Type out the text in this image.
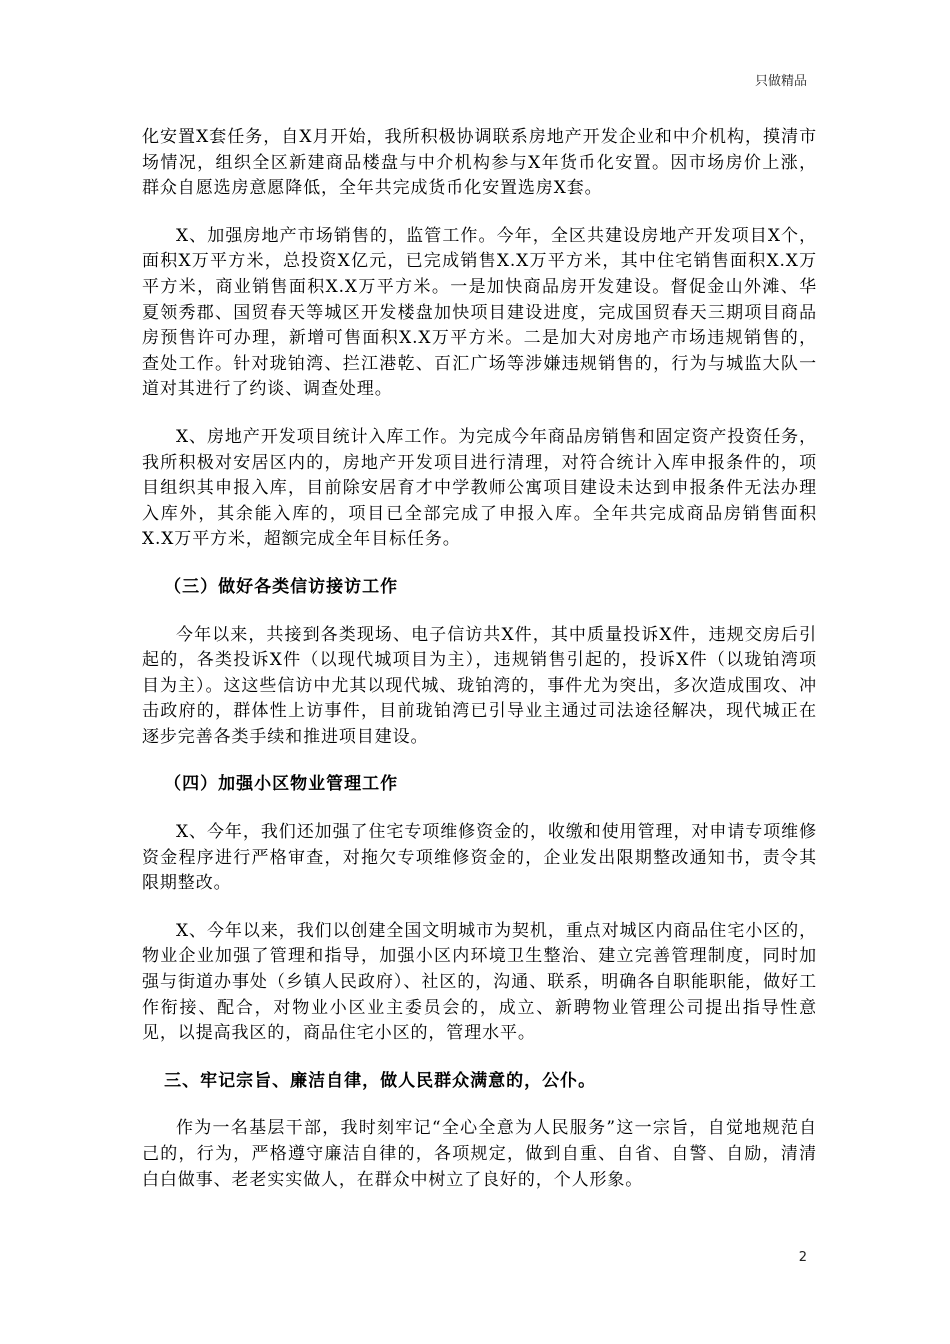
只做精品

化安置X套任务，自X月开始，我所积极协调联系房地产开发企业和中介机构，摸清市场情况，组织全区新建商品楼盘与中介机构参与X年货币化安置。因市场房价上涨，群众自愿选房意愿降低，全年共完成货币化安置选房X套。

X、加强房地产市场销售的，监管工作。今年，全区共建设房地产开发项目X个，面积X万平方米，总投资X亿元，已完成销售X.X万平方米，其中住宅销售面积X.X万平方米，商业销售面积X.X万平方米。一是加快商品房开发建设。督促金山外滩、华夏领秀郡、国贸春天等城区开发楼盘加快项目建设进度，完成国贸春天三期项目商品房预售许可办理，新增可售面积X.X万平方米。二是加大对房地产市场违规销售的，查处工作。针对珑铂湾、拦江港乾、百汇广场等涉嫌违规销售的，行为与城监大队一道对其进行了约谈、调查处理。

X、房地产开发项目统计入库工作。为完成今年商品房销售和固定资产投资任务，我所积极对安居区内的，房地产开发项目进行清理，对符合统计入库申报条件的，项目组织其申报入库，目前除安居育才中学教师公寓项目建设未达到申报条件无法办理入库外，其余能入库的，项目已全部完成了申报入库。全年共完成商品房销售面积X.X万平方米，超额完成全年目标任务。

（三）做好各类信访接访工作

今年以来，共接到各类现场、电子信访共X件，其中质量投诉X件，违规交房后引起的，各类投诉X件（以现代城项目为主），违规销售引起的，投诉X件（以珑铂湾项目为主）。这这些信访中尤其以现代城、珑铂湾的，事件尤为突出，多次造成围攻、冲击政府的，群体性上访事件，目前珑铂湾已引导业主通过司法途径解决，现代城正在逐步完善各类手续和推进项目建设。

（四）加强小区物业管理工作

X、今年，我们还加强了住宅专项维修资金的，收缴和使用管理，对申请专项维修资金程序进行严格审查，对拖欠专项维修资金的，企业发出限期整改通知书，责令其限期整改。

X、今年以来，我们以创建全国文明城市为契机，重点对城区内商品住宅小区的，物业企业加强了管理和指导，加强小区内环境卫生整治、建立完善管理制度，同时加强与街道办事处（乡镇人民政府）、社区的，沟通、联系，明确各自职能职能，做好工作衔接、配合，对物业小区业主委员会的，成立、新聘物业管理公司提出指导性意见，以提高我区的，商品住宅小区的，管理水平。

三、牢记宗旨、廉洁自律，做人民群众满意的，公仆。

作为一名基层干部，我时刻牢记“全心全意为人民服务”这一宗旨，自觉地规范自己的，行为，严格遵守廉洁自律的，各项规定，做到自重、自省、自警、自励，清清白白做事、老老实实做人，在群众中树立了良好的，个人形象。

2
